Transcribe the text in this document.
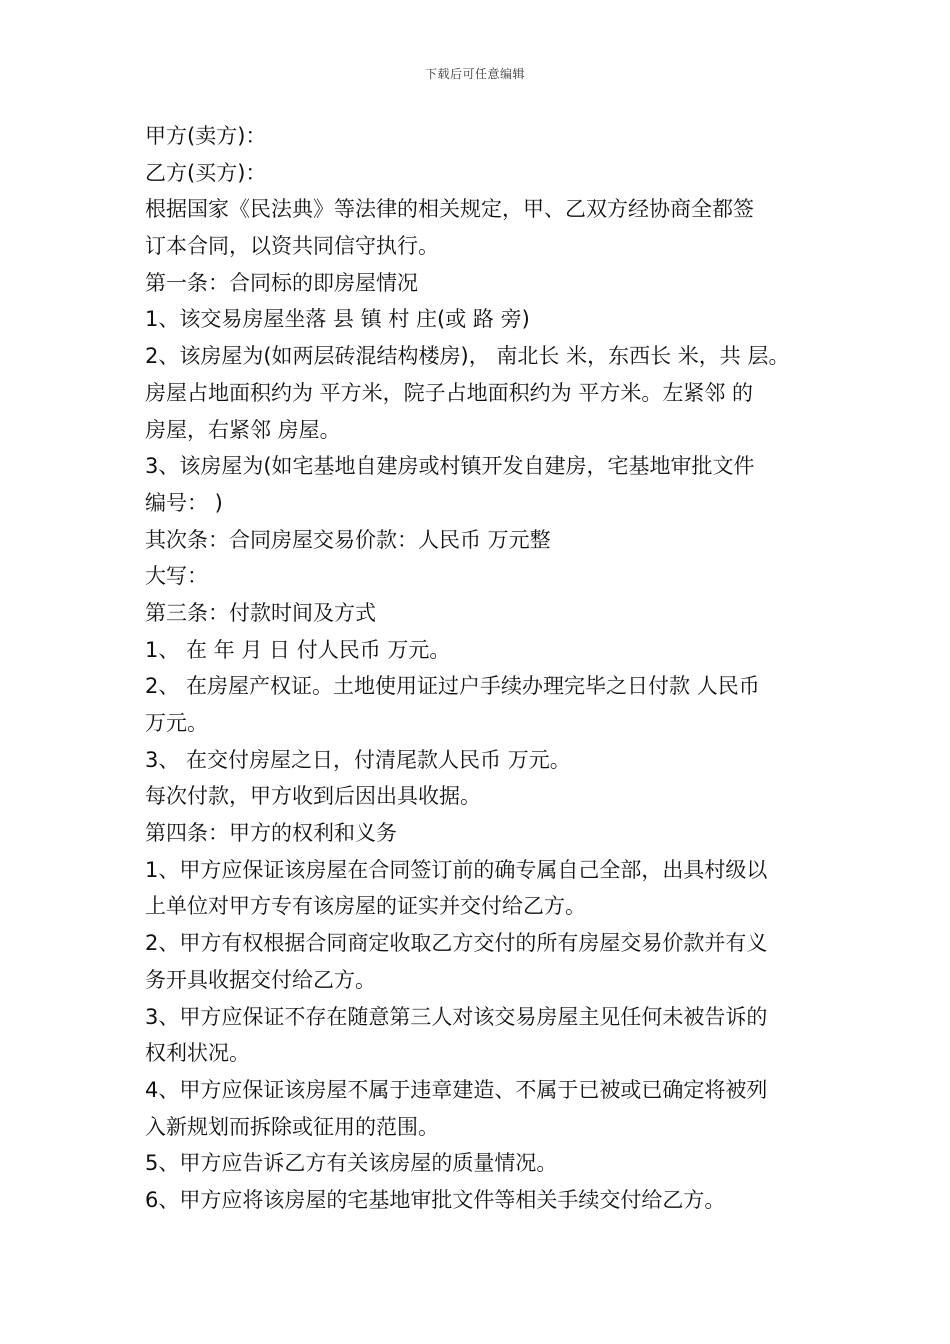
下载后可任意编辑
甲方(卖方)：
乙方(买方)：
根据国家《民法典》等法律的相关规定，甲、乙双方经协商全都签
订本合同，以资共同信守执行。
第一条：合同标的即房屋情况
1、该交易房屋坐落 县 镇 村 庄(或 路 旁)
2、该房屋为(如两层砖混结构楼房)， 南北长 米，东西长 米，共 层。
房屋占地面积约为 平方米，院子占地面积约为 平方米。左紧邻 的
房屋，右紧邻 房屋。
3、该房屋为(如宅基地自建房或村镇开发自建房，宅基地审批文件
编号： )
其次条：合同房屋交易价款：人民币 万元整
大写：
第三条：付款时间及方式
1、 在 年 月 日 付人民币 万元。
2、 在房屋产权证。土地使用证过户手续办理完毕之日付款 人民币
万元。
3、 在交付房屋之日，付清尾款人民币 万元。
每次付款，甲方收到后因出具收据。
第四条：甲方的权利和义务
1、甲方应保证该房屋在合同签订前的确专属自己全部，出具村级以
上单位对甲方专有该房屋的证实并交付给乙方。
2、甲方有权根据合同商定收取乙方交付的所有房屋交易价款并有义
务开具收据交付给乙方。
3、甲方应保证不存在随意第三人对该交易房屋主见任何未被告诉的
权利状况。
4、甲方应保证该房屋不属于违章建造、不属于已被或已确定将被列
入新规划而拆除或征用的范围。
5、甲方应告诉乙方有关该房屋的质量情况。
6、甲方应将该房屋的宅基地审批文件等相关手续交付给乙方。
